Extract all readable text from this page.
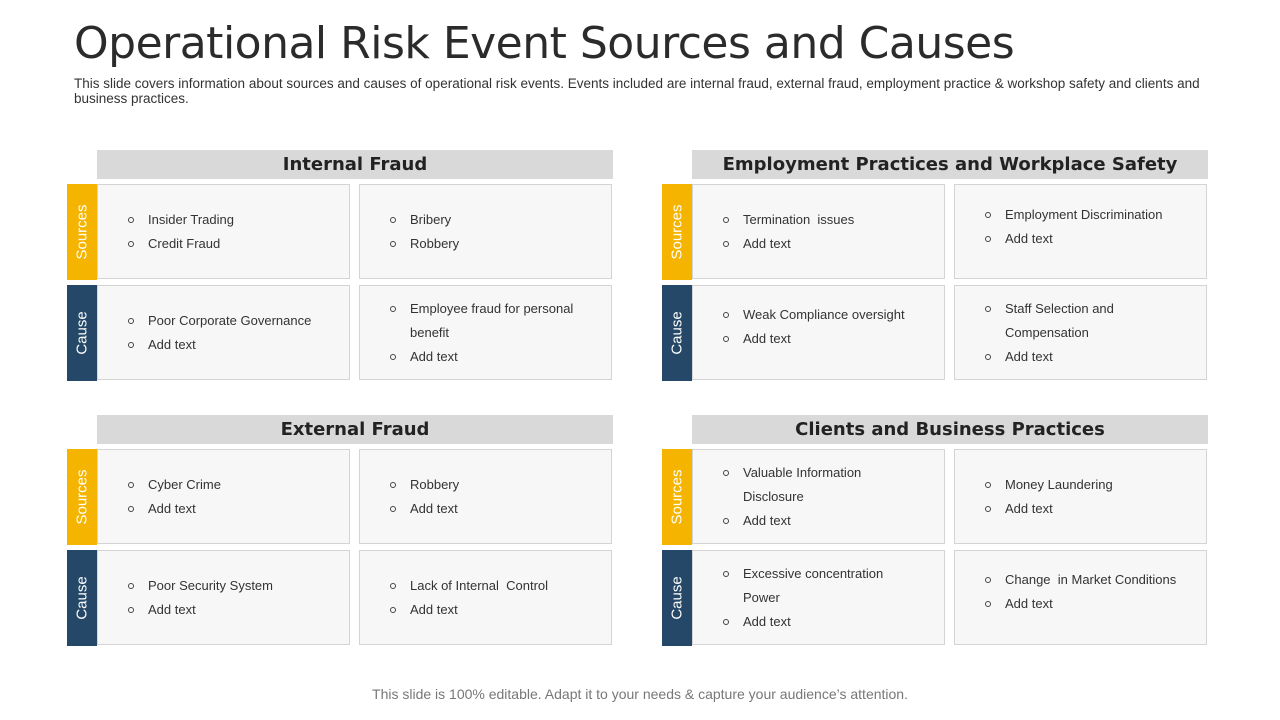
Operational Risk Event Sources and Causes
This slide covers information about sources and causes of operational risk events. Events included are internal fraud, external fraud, employment practice & workshop safety and clients and business practices.
Internal Fraud
Sources
Cause
Insider Trading
Credit Fraud
Bribery
Robbery
Poor Corporate Governance
Add text
Employee fraud for personal benefit
Add text
Employment Practices and Workplace Safety
Sources
Cause
Termination  issues
Add text
Employment Discrimination
Add text
Weak Compliance oversight
Add text
Staff Selection and Compensation
Add text
External Fraud
Sources
Cause
Cyber Crime
Add text
Robbery
Add text
Poor Security System
Add text
Lack of Internal  Control
Add text
Clients and Business Practices
Sources
Cause
Valuable Information Disclosure
Add text
Money Laundering
Add text
Excessive concentration Power
Add text
Change  in Market Conditions
Add text
This slide is 100% editable. Adapt it to your needs & capture your audience’s attention.
